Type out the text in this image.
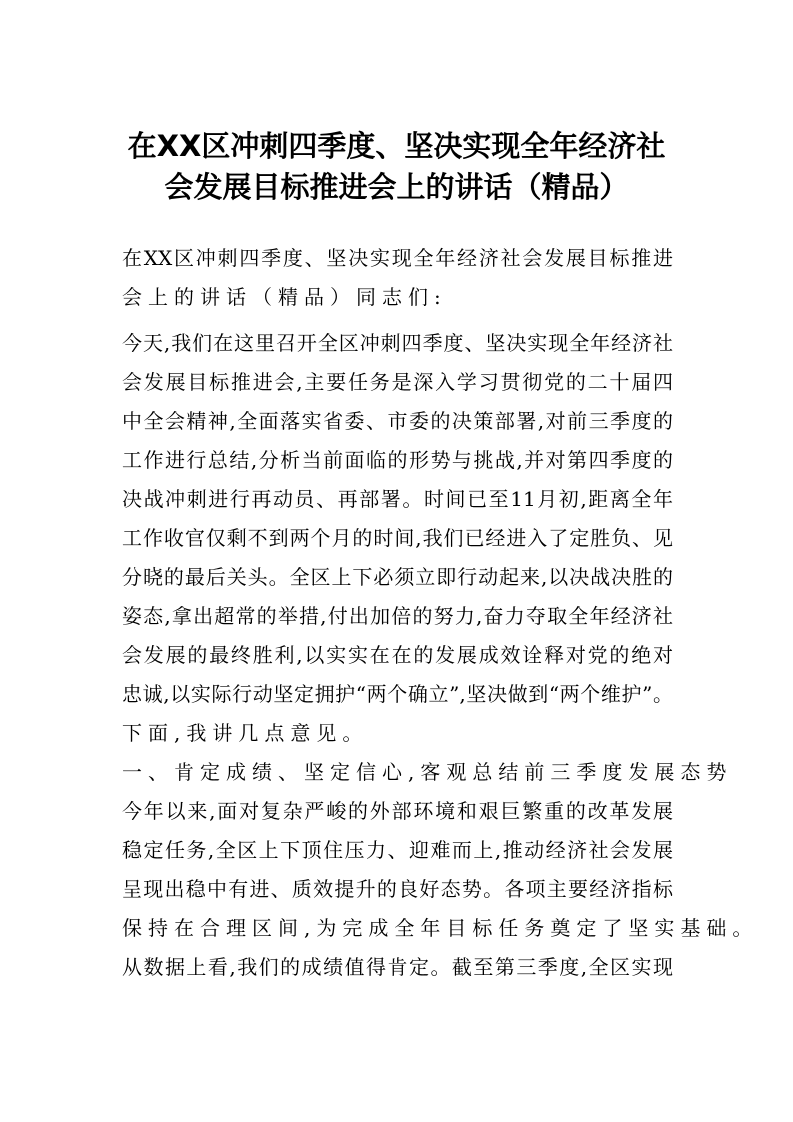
在XX区冲刺四季度、坚决实现全年经济社
会发展目标推进会上的讲话（精品）
在XX区冲刺四季度、坚决实现全年经济社会发展目标推进
会上的讲话（精品）同志们:
今天,我们在这里召开全区冲刺四季度、坚决实现全年经济社
会发展目标推进会,主要任务是深入学习贯彻党的二十届四
中全会精神,全面落实省委、市委的决策部署,对前三季度的
工作进行总结,分析当前面临的形势与挑战,并对第四季度的
决战冲刺进行再动员、再部署。时间已至11月初,距离全年
工作收官仅剩不到两个月的时间,我们已经进入了定胜负、见
分晓的最后关头。全区上下必须立即行动起来,以决战决胜的
姿态,拿出超常的举措,付出加倍的努力,奋力夺取全年经济社
会发展的最终胜利,以实实在在的发展成效诠释对党的绝对
忠诚,以实际行动坚定拥护“两个确立”,坚决做到“两个维护”。
下面,我讲几点意见。
一、肯定成绩、坚定信心,客观总结前三季度发展态势
今年以来,面对复杂严峻的外部环境和艰巨繁重的改革发展
稳定任务,全区上下顶住压力、迎难而上,推动经济社会发展
呈现出稳中有进、质效提升的良好态势。各项主要经济指标
保持在合理区间,为完成全年目标任务奠定了坚实基础。
从数据上看,我们的成绩值得肯定。截至第三季度,全区实现
